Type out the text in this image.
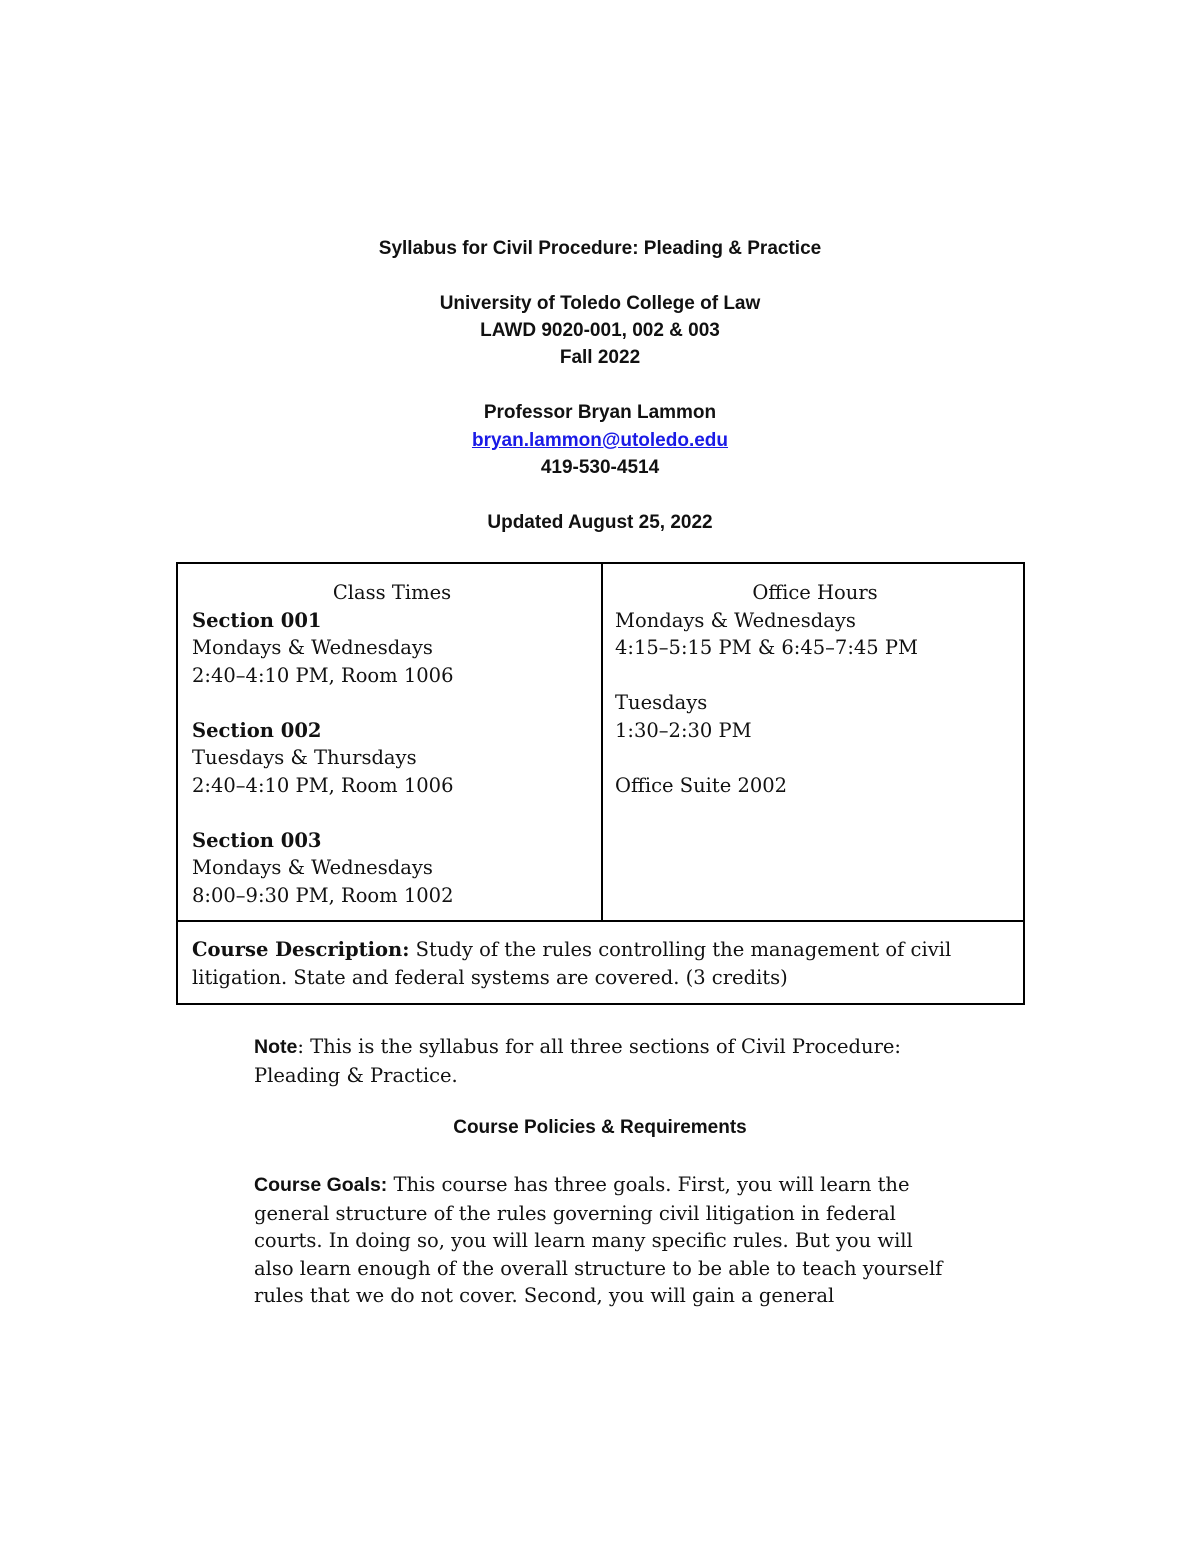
Syllabus for Civil Procedure: Pleading & Practice
University of Toledo College of Law
LAWD 9020-001, 002 & 003
Fall 2022
Professor Bryan Lammon
bryan.lammon@utoledo.edu
419-530-4514
Updated August 25, 2022

Class Times

Section 001

Mondays & Wednesdays

2:40–4:10 PM, Room 1006

Section 002

Tuesdays & Thursdays

2:40–4:10 PM, Room 1006

Section 003

Mondays & Wednesdays

8:00–9:30 PM, Room 1002

Office Hours

Mondays & Wednesdays

4:15–5:15 PM & 6:45–7:45 PM

Tuesdays

1:30–2:30 PM

Office Suite 2002

Course Description: Study of the rules controlling the management of civil
litigation. State and federal systems are covered. (3 credits)
Note: This is the syllabus for all three sections of Civil Procedure:
Pleading & Practice.
Course Policies & Requirements
Course Goals: This course has three goals. First, you will learn the
general structure of the rules governing civil litigation in federal
courts. In doing so, you will learn many specific rules. But you will
also learn enough of the overall structure to be able to teach yourself
rules that we do not cover. Second, you will gain a general
